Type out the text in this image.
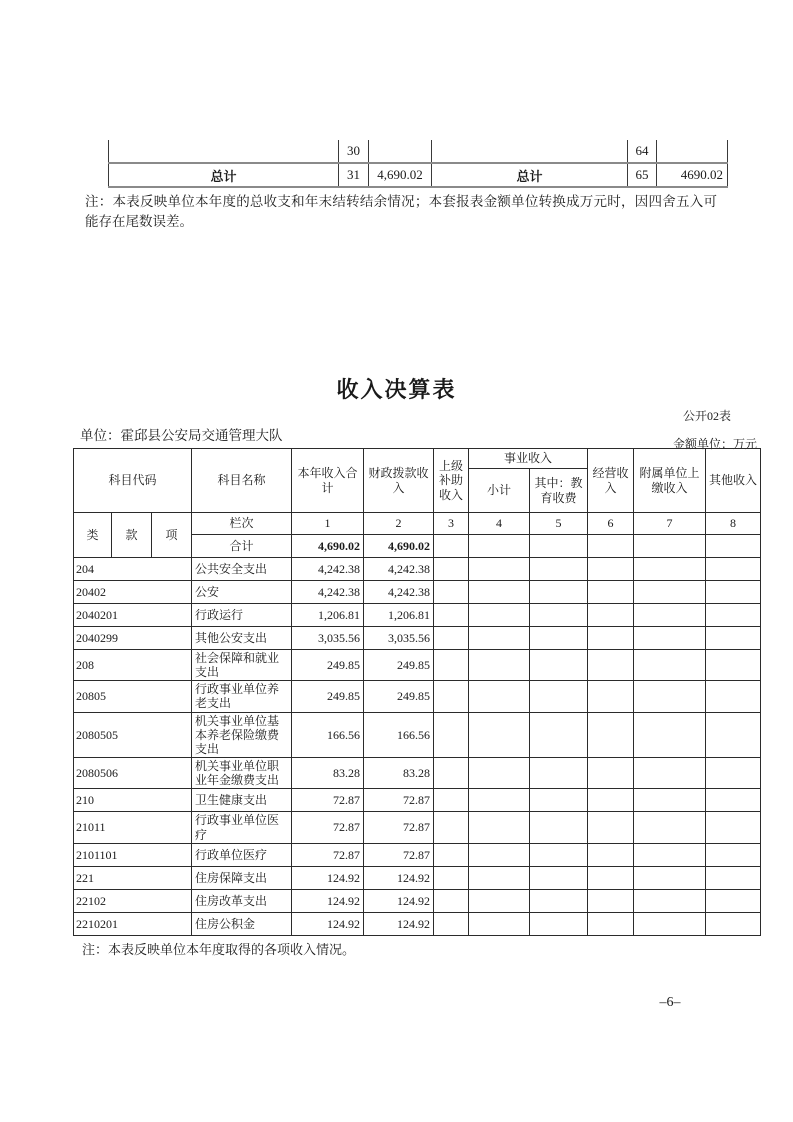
	30			64	
总计	31	4,690.02	总计	65	4690.02
注：本表反映单位本年度的总收支和年末结转结余情况；本套报表金额单位转换成万元时，因四舍五入可能存在尾数误差。
收入决算表
公开02表
单位：霍邱县公安局交通管理大队
金额单位：万元
科目代码			科目名称	本年收入合计	财政拨款收入	上级补助收入	事业收入		经营收入	附属单位上缴收入	其他收入
							小计	其中：教育收费			
类	款	项	栏次	1	2	3	4	5	6	7	8
			合计	4,690.02	4,690.02						
204			公共安全支出	4,242.38	4,242.38						
20402			公安	4,242.38	4,242.38						
2040201			行政运行	1,206.81	1,206.81						
2040299			其他公安支出	3,035.56	3,035.56						
208			社会保障和就业支出	249.85	249.85						
20805			行政事业单位养老支出	249.85	249.85						
2080505			机关事业单位基本养老保险缴费支出	166.56	166.56						
2080506			机关事业单位职业年金缴费支出	83.28	83.28						
210			卫生健康支出	72.87	72.87						
21011			行政事业单位医疗	72.87	72.87						
2101101			行政单位医疗	72.87	72.87						
221			住房保障支出	124.92	124.92						
22102			住房改革支出	124.92	124.92						
2210201			住房公积金	124.92	124.92						
注：本表反映单位本年度取得的各项收入情况。
–6–
